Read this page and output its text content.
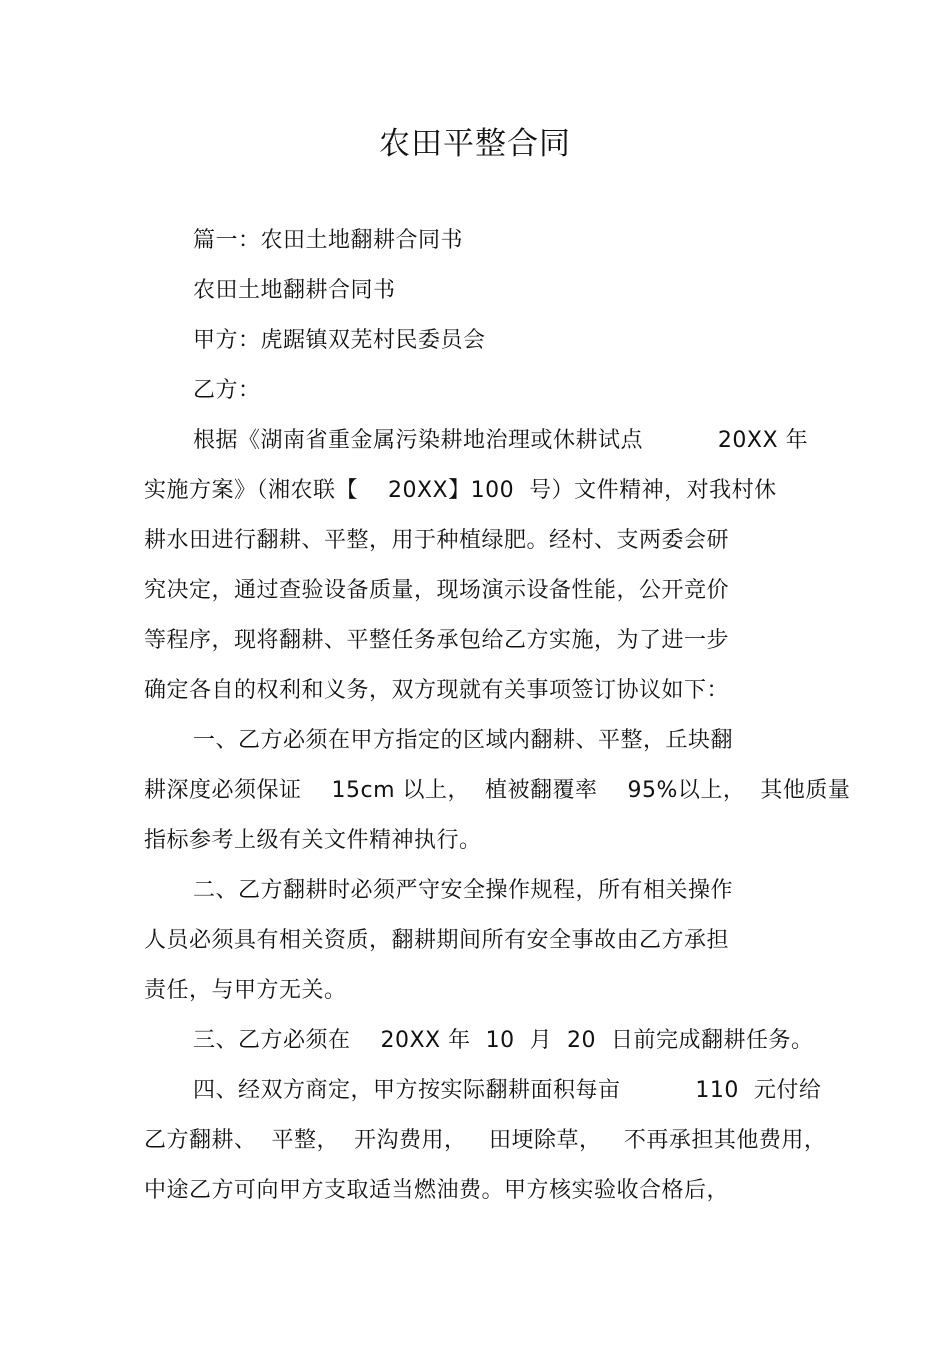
农田平整合同
篇一：农田土地翻耕合同书
农田土地翻耕合同书
甲方：虎踞镇双芜村民委员会
乙方：
根据《湖南省重金属污染耕地治理或休耕试点          20XX 年
实施方案》（湘农联【    20XX】100  号）文件精神，对我村休
耕水田进行翻耕、平整，用于种植绿肥。经村、支两委会研
究决定，通过查验设备质量，现场演示设备性能，公开竞价
等程序，现将翻耕、平整任务承包给乙方实施，为了进一步
确定各自的权利和义务，双方现就有关事项签订协议如下：
一、乙方必须在甲方指定的区域内翻耕、平整，丘块翻
耕深度必须保证    15cm 以上，  植被翻覆率    95%以上，  其他质量
指标参考上级有关文件精神执行。
二、乙方翻耕时必须严守安全操作规程，所有相关操作
人员必须具有相关资质，翻耕期间所有安全事故由乙方承担
责任，与甲方无关。
三、乙方必须在    20XX 年  10  月  20  日前完成翻耕任务。
四、经双方商定，甲方按实际翻耕面积每亩          110  元付给
乙方翻耕、  平整，  开沟费用，   田埂除草，   不再承担其他费用，
中途乙方可向甲方支取适当燃油费。甲方核实验收合格后，
